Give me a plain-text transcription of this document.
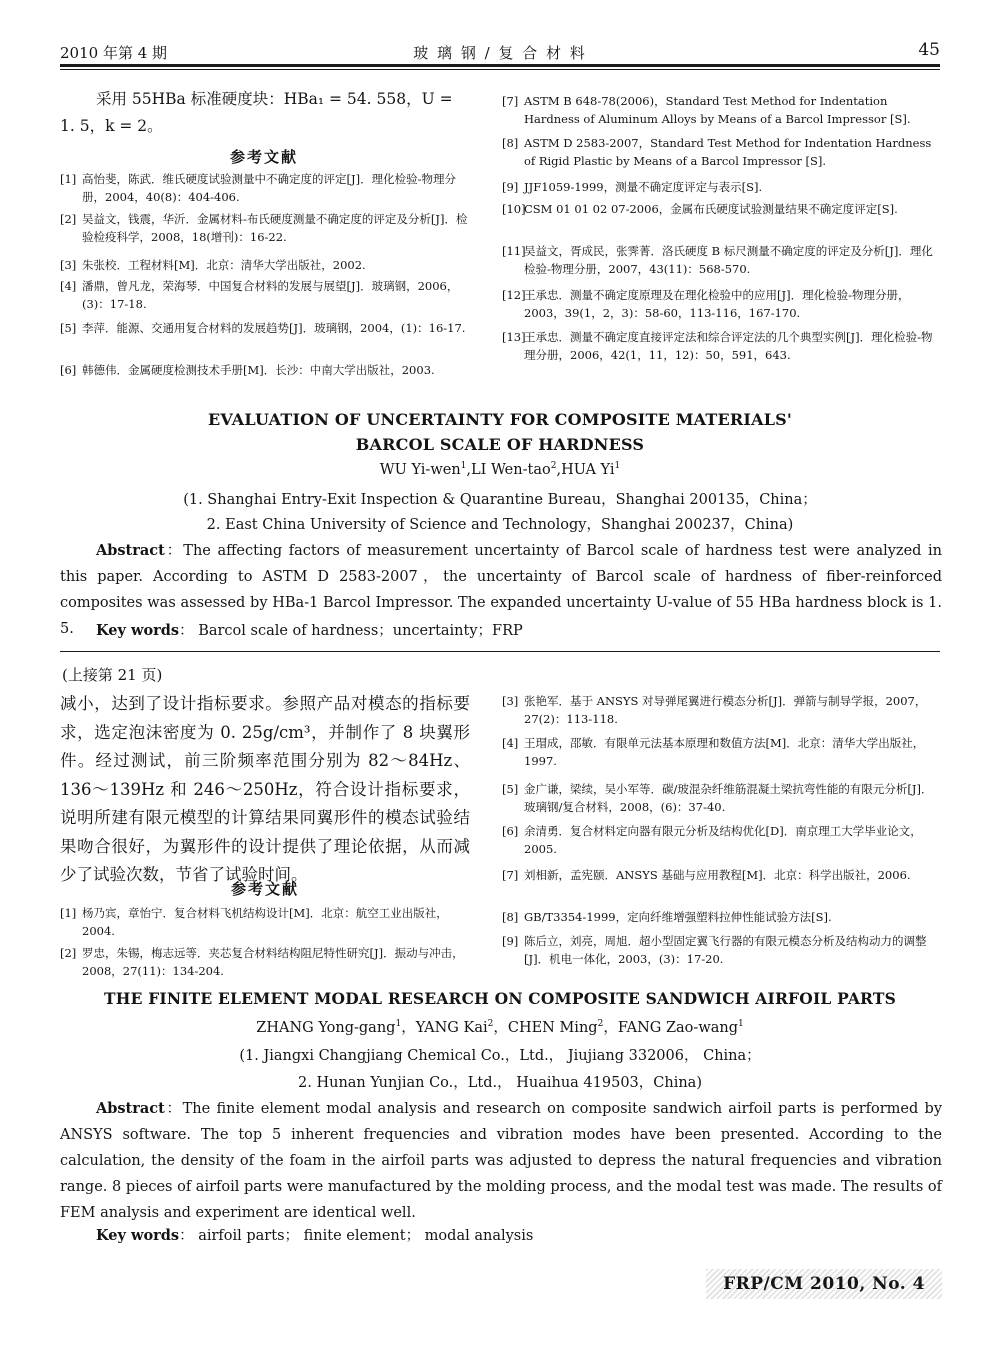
2010 年第 4 期	玻 璃 钢 / 复 合 材 料	45
采用 55HBa 标准硬度块：HBa₁ = 54. 558，U =
1. 5，k = 2。
参考文献
[1] 高怡斐，陈武．维氏硬度试验测量中不确定度的评定[J]．理化检验-物理分册，2004，40(8)：404-406.
[2] 吴益文，钱震，华沂．金属材料-布氏硬度测量不确定度的评定及分析[J]．检验检疫科学，2008，18(增刊)：16-22.
[3] 朱张校．工程材料[M]．北京：清华大学出版社，2002.
[4] 潘鼎，曾凡龙，荣海琴．中国复合材料的发展与展望[J]．玻璃钢，2006，(3)：17-18.
[5] 李萍．能源、交通用复合材料的发展趋势[J]．玻璃钢，2004，(1)：16-17.
[6] 韩德伟．金属硬度检测技术手册[M]．长沙：中南大学出版社，2003.
[7] ASTM B 648-78(2006)，Standard Test Method for Indentation Hardness of Aluminum Alloys by Means of a Barcol Impressor [S].
[8] ASTM D 2583-2007，Standard Test Method for Indentation Hardness of Rigid Plastic by Means of a Barcol Impressor [S].
[9] JJF1059-1999，测量不确定度评定与表示[S].
[10]
CSM 01 01 02 07-2006，金属布氏硬度试验测量结果不确定度评定[S].
[11]
吴益文，胥成民，张霁菁．洛氏硬度 B 标尺测量不确定度的评定及分析[J]．理化检验-物理分册，2007，43(11)：568-570.
[12]
王承忠．测量不确定度原理及在理化检验中的应用[J]．理化检验-物理分册，2003，39(1，2，3)：58-60，113-116，167-170.
[13]
王承忠．测量不确定度直接评定法和综合评定法的几个典型实例[J]．理化检验-物理分册，2006，42(1，11，12)：50，591，643.
EVALUATION OF UNCERTAINTY FOR COMPOSITE MATERIALS'
BARCOL SCALE OF HARDNESS
WU Yi-wen$^1$,LI Wen-tao$^2$,HUA Yi$^1$
(1. Shanghai Entry-Exit Inspection & Quarantine Bureau，Shanghai 200135，China；
2. East China University of Science and Technology，Shanghai 200237，China)
Abstract：The affecting factors of measurement uncertainty of Barcol scale of hardness test were analyzed in this paper. According to ASTM D 2583-2007，the uncertainty of Barcol scale of hardness of fiber-reinforced composites was assessed by HBa-1 Barcol Impressor. The expanded uncertainty U-value of 55 HBa hardness block is 1. 5.	Key words： Barcol scale of hardness；uncertainty；FRP
(上接第 21 页)
减小，达到了设计指标要求。参照产品对模态的指标要求，选定泡沫密度为 0. 25g/cm³，并制作了 8 块翼形件。经过测试，前三阶频率范围分别为 82～84Hz、136～139Hz 和 246～250Hz，符合设计指标要求，说明所建有限元模型的计算结果同翼形件的模态试验结果吻合很好，为翼形件的设计提供了理论依据，从而减少了试验次数，节省了试验时间。
参考文献
[1] 杨乃宾，章怡宁．复合材料飞机结构设计[M]．北京：航空工业出版社，2004.
[2] 罗忠，朱锡，梅志远等．夹芯复合材料结构阻尼特性研究[J]．振动与冲击，2008，27(11)：134-204.
[3] 张艳军．基于 ANSYS 对导弹尾翼进行模态分析[J]．弹箭与制导学报，2007，27(2)：113-118.
[4] 王瑁成，邵敏．有限单元法基本原理和数值方法[M]．北京：清华大学出版社，1997.
[5] 金广谦，梁续，吴小军等．碳/玻混杂纤维筋混凝土梁抗弯性能的有限元分析[J]．玻璃钢/复合材料，2008，(6)：37-40.
[6] 余清勇．复合材料定向器有限元分析及结构优化[D]．南京理工大学毕业论文，2005.
[7] 刘相新，孟宪颐．ANSYS 基础与应用教程[M]．北京：科学出版社，2006.
[8] GB/T3354-1999，定向纤维增强塑料拉伸性能试验方法[S].
[9] 陈后立，刘亮，周旭．超小型固定翼飞行器的有限元模态分析及结构动力的调整[J]．机电一体化，2003，(3)：17-20.
THE FINITE ELEMENT MODAL RESEARCH ON COMPOSITE SANDWICH AIRFOIL PARTS
ZHANG Yong-gang$^1$，YANG Kai$^2$，CHEN Ming$^2$，FANG Zao-wang$^1$
(1. Jiangxi Changjiang Chemical Co.，Ltd.， Jiujiang 332006， China；
2. Hunan Yunjian Co.，Ltd.， Huaihua 419503，China)
Abstract：The finite element modal analysis and research on composite sandwich airfoil parts is performed by ANSYS software. The top 5 inherent frequencies and vibration modes have been presented. According to the calculation, the density of the foam in the airfoil parts was adjusted to depress the natural frequencies and vibration range. 8 pieces of airfoil parts were manufactured by the molding process, and the modal test was made. The results of FEM analysis and experiment are identical well.
Key words： airfoil parts； finite element； modal analysis
FRP/CM 2010, No. 4
